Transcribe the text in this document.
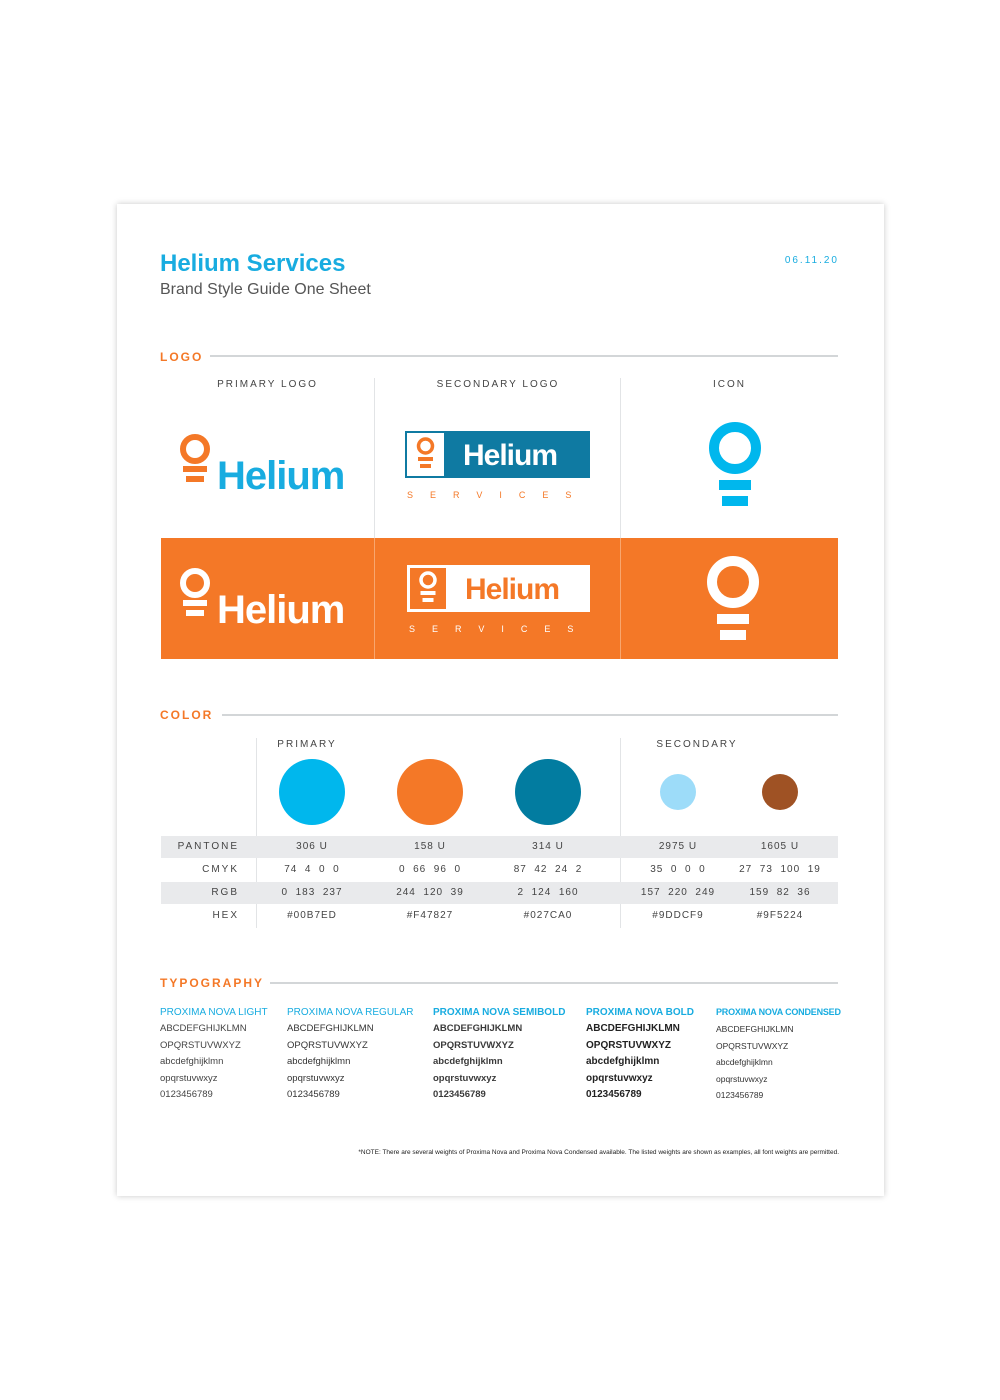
Helium Services
Brand Style Guide One Sheet
06.11.20
LOGO
PRIMARY LOGO	SECONDARY LOGO	ICON
Helium	Helium
SERVICES
Helium	Helium
SERVICES
COLOR
PRIMARY	SECONDARY
PANTONE	306 U	158 U	314 U	2975 U	1605 U
CMYK	74  4  0  0	0  66  96  0	87  42  24  2	35  0  0  0	27  73  100  19
RGB	0  183  237	244  120  39	2  124  160	157  220  249	159  82  36
HEX	#00B7ED	#F47827	#027CA0	#9DDCF9	#9F5224
TYPOGRAPHY
PROXIMA NOVA LIGHT
ABCDEFGHIJKLMN
OPQRSTUVWXYZ
abcdefghijklmn
opqrstuvwxyz
0123456789
PROXIMA NOVA REGULAR
ABCDEFGHIJKLMN
OPQRSTUVWXYZ
abcdefghijklmn
opqrstuvwxyz
0123456789
PROXIMA NOVA SEMIBOLD
ABCDEFGHIJKLMN
OPQRSTUVWXYZ
abcdefghijklmn
opqrstuvwxyz
0123456789
PROXIMA NOVA BOLD
ABCDEFGHIJKLMN
OPQRSTUVWXYZ
abcdefghijklmn
opqrstuvwxyz
0123456789
PROXIMA NOVA CONDENSED
ABCDEFGHIJKLMN
OPQRSTUVWXYZ
abcdefghijklmn
opqrstuvwxyz
0123456789
*NOTE: There are several weights of Proxima Nova and Proxima Nova Condensed available. The listed weights are shown as examples, all font weights are permitted.
